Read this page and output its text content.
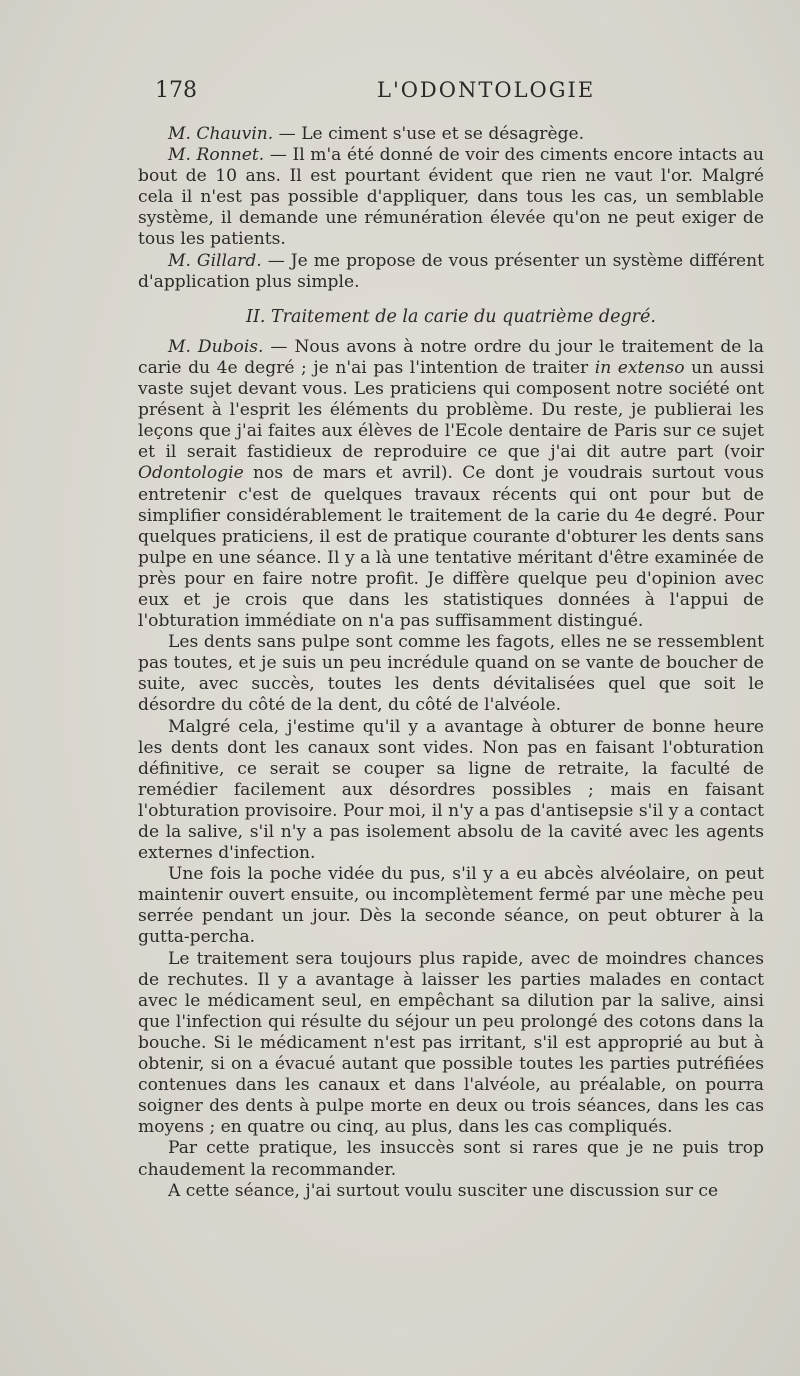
178	L'ODONTOLOGIE

M. Chauvin. — Le ciment s'use et se désagrège.

M. Ronnet. — Il m'a été donné de voir des ciments encore intacts au bout de 10 ans. Il est pourtant évident que rien ne vaut l'or. Malgré cela il n'est pas possible d'appliquer, dans tous les cas, un semblable système, il demande une rémunération élevée qu'on ne peut exiger de tous les patients.

M. Gillard. — Je me propose de vous présenter un système différent d'application plus simple.

II. Traitement de la carie du quatrième degré.

M. Dubois. — Nous avons à notre ordre du jour le traitement de la carie du 4e degré ; je n'ai pas l'intention de traiter in extenso un aussi vaste sujet devant vous. Les praticiens qui composent notre société ont présent à l'esprit les éléments du problème. Du reste, je publierai les leçons que j'ai faites aux élèves de l'Ecole dentaire de Paris sur ce sujet et il serait fastidieux de reproduire ce que j'ai dit autre part (voir Odontologie nos de mars et avril). Ce dont je voudrais surtout vous entretenir c'est de quelques travaux récents qui ont pour but de simplifier considérablement le traitement de la carie du 4e degré. Pour quelques praticiens, il est de pratique courante d'obturer les dents sans pulpe en une séance. Il y a là une tentative méritant d'être examinée de près pour en faire notre profit. Je diffère quelque peu d'opinion avec eux et je crois que dans les statistiques données à l'appui de l'obturation immédiate on n'a pas suffisamment distingué.

Les dents sans pulpe sont comme les fagots, elles ne se ressemblent pas toutes, et je suis un peu incrédule quand on se vante de boucher de suite, avec succès, toutes les dents dévitalisées quel que soit le désordre du côté de la dent, du côté de l'alvéole.

Malgré cela, j'estime qu'il y a avantage à obturer de bonne heure les dents dont les canaux sont vides. Non pas en faisant l'obturation définitive, ce serait se couper sa ligne de retraite, la faculté de remédier facilement aux désordres possibles ; mais en faisant l'obturation provisoire. Pour moi, il n'y a pas d'antisepsie s'il y a contact de la salive, s'il n'y a pas isolement absolu de la cavité avec les agents externes d'infection.

Une fois la poche vidée du pus, s'il y a eu abcès alvéolaire, on peut maintenir ouvert ensuite, ou incomplètement fermé par une mèche peu serrée pendant un jour. Dès la seconde séance, on peut obturer à la gutta-percha.

Le traitement sera toujours plus rapide, avec de moindres chances de rechutes. Il y a avantage à laisser les parties malades en contact avec le médicament seul, en empêchant sa dilution par la salive, ainsi que l'infection qui résulte du séjour un peu prolongé des cotons dans la bouche. Si le médicament n'est pas irritant, s'il est approprié au but à obtenir, si on a évacué autant que possible toutes les parties putréfiées contenues dans les canaux et dans l'alvéole, au préalable, on pourra soigner des dents à pulpe morte en deux ou trois séances, dans les cas moyens ; en quatre ou cinq, au plus, dans les cas compliqués.

Par cette pratique, les insuccès sont si rares que je ne puis trop chaudement la recommander.

A cette séance, j'ai surtout voulu susciter une discussion sur ce
